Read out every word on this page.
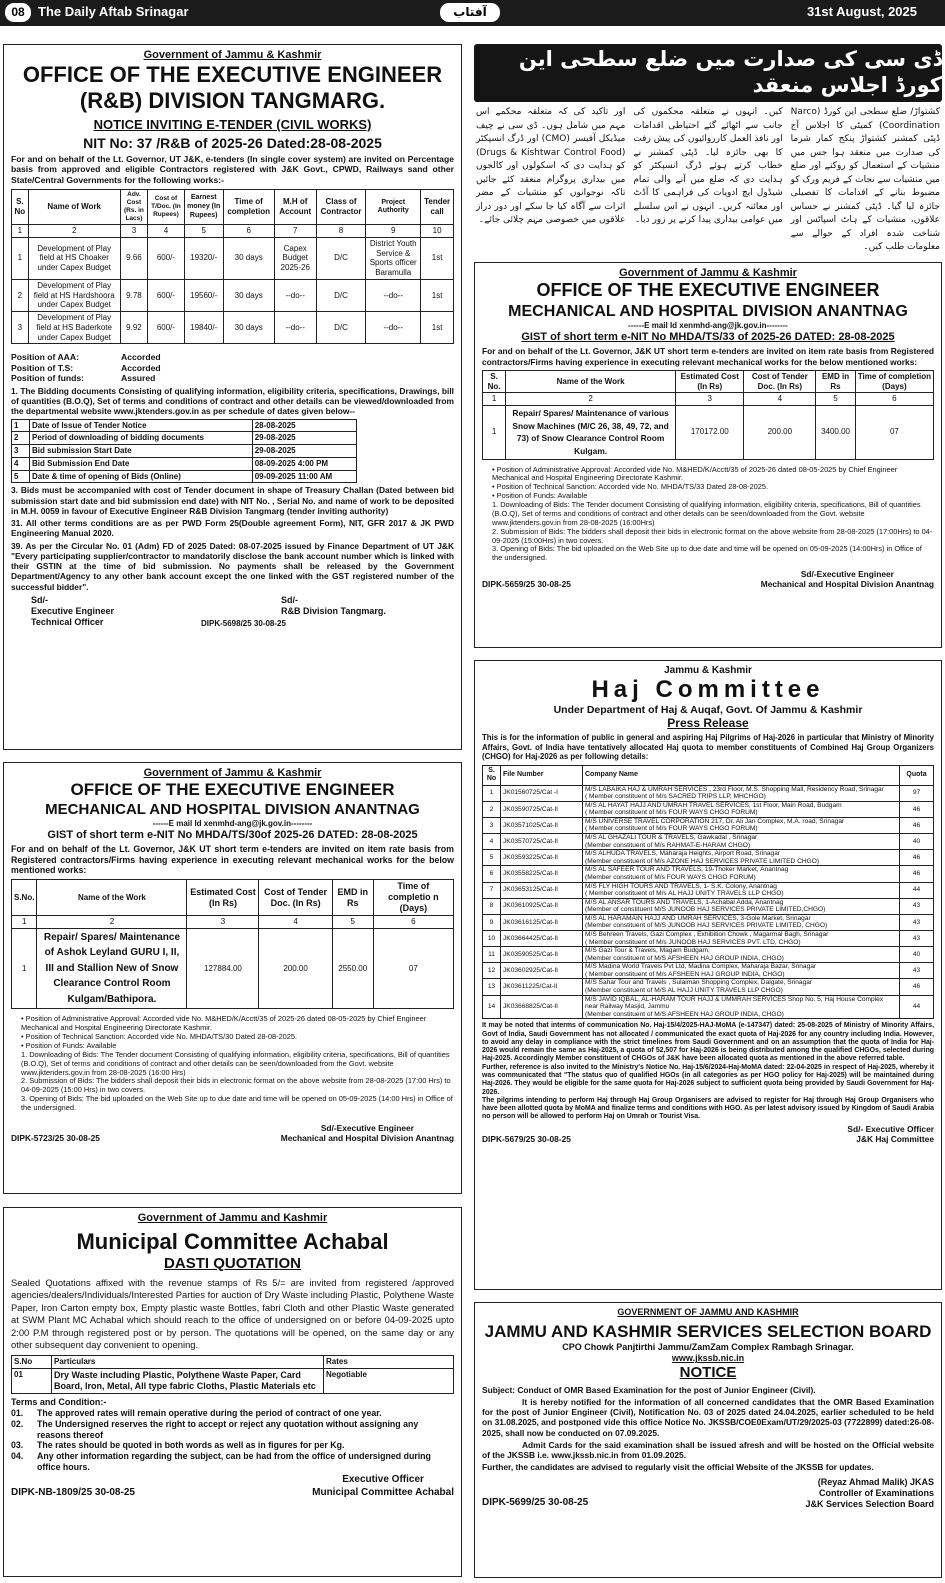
08	The Daily Aftab Srinagar	آفتاب	31st August, 2025
Government of Jammu & Kashmir
OFFICE OF THE EXECUTIVE ENGINEER
(R&B) DIVISION TANGMARG.
NOTICE INVITING E-TENDER (CIVIL WORKS)
NIT No: 37 /R&B of 2025-26 Dated:28-08-2025
For and on behalf of the Lt. Governor, UT J&K, e-tenders (In single cover system) are invited on Percentage basis from approved and eligible Contractors registered with J&K Govt., CPWD, Railways sand other State/Central Governments for the following works:-
S. No	Name of Work	Adv. Cost (Rs. in Lacs)	Cost of T/Doc. (In Rupees)	Earnest money (In Rupees)	Time of completion	M.H of Account	Class of Contractor	Project Authority	Tender call
1	2	3	4	5	6	7	8	9	10
1	Development of Play field at HS Choaker under Capex Budget	9.66	600/-	19320/-	30 days	Capex Budget 2025-26	D/C	District Youth Service & Sports officer Baramulla	1st
2	Development of Play field at HS Hardshoora under Capex Budget	9.78	600/-	19560/-	30 days	--do--	D/C	--do--	1st
3	Development of Play field at HS Baderkote under Capex Budget	9.92	600/-	19840/-	30 days	--do--	D/C	--do--	1st
Position of AAA:	Accorded
Position of T.S:	Accorded
Position of funds:	Assured
1. The Bidding documents Consisting of qualifying information, eligibility criteria, specifications, Drawings, bill of quantities (B.O.Q), Set of terms and conditions of contract and other details can be viewed/downloaded from the departmental website www.jktenders.gov.in as per schedule of dates given below--
1	Date of Issue of Tender Notice	28-08-2025
2	Period of downloading of bidding documents	29-08-2025
3	Bid submission Start Date	29-08-2025
4	Bid Submission End Date	08-09-2025 4:00 PM
5	Date & time of opening of Bids (Online)	09-09-2025 11:00 AM
3. Bids must be accompanied with cost of Tender document in shape of Treasury Challan (Dated between bid submission start date and bid submission end date) with NIT No. , Serial No. and name of work to be deposited in M.H. 0059 in favour of Executive Engineer R&B Division Tangmarg (tender inviting authority)
31. All other terms conditions are as per PWD Form 25(Double agreement Form), NIT, GFR 2017 & JK PWD Engineering Manual 2020.
39. As per the Circular No. 01 (Adm) FD of 2025 Dated: 08-07-2025 issued by Finance Department of UT J&K "Every participating supplier/contractor to mandatorily disclose the bank account number which is linked with their GSTIN at the time of bid submission. No payments shall be released by the Government Department/Agency to any other bank account except the one linked with the GST registered number of the successful bidder".
Sd/-
Executive Engineer
Technical Officer
Sd/-
R&B Division Tangmarg.
DIPK-5698/25 30-08-25
ڈی سی کی صدارت میں ضلع سطحی این کورڈ اجلاس منعقد
کشتواڑ/ ضلع سطحی این کورڈ (Narco Coordination) کمیٹی کا اجلاس آج ڈپٹی کمشنر کشتواڑ پنکج کمار شرما کی صدارت میں منعقد ہوا جس میں منشیات کے استعمال کو روکنے اور ضلع میں منشیات سے نجات کے فریم ورک کو مضبوط بنانے کے اقدامات کا تفصیلی جائزہ لیا گیا۔ ڈپٹی کمشنر نے حساس علاقوں، منشیات کے ہاٹ اسپاٹس اور شناخت شدہ افراد کے حوالے سے معلومات طلب کیں۔
کیں۔ انہوں نے متعلقہ محکموں کی جانب سے اٹھائے گئے احتیاطی اقدامات اور نافذ العمل کارروائیوں کی پیش رفت کا بھی جائزہ لیا۔ ڈپٹی کمشنر نے خطاب کرتے ہوئے ڈرگ انسپکٹر کو ہدایت دی کہ ضلع میں آنے والی تمام شیڈول ایچ ادویات کی فراہمی کا آڈٹ اور معائنہ کریں۔ انہوں نے اس سلسلے میں عوامی بیداری پیدا کرنے پر زور دیا۔
اور تاکید کی کہ متعلقہ محکمے اس مہم میں شامل ہوں۔ ڈی سی نے چیف میڈیکل آفیسر (CMO) اور ڈرگ انسپکٹر (Drugs & Kishtwar Control Food) کو ہدایت دی کہ اسکولوں اور کالجوں میں بیداری پروگرام منعقد کئے جائیں تاکہ نوجوانوں کو منشیات کے مضر اثرات سے آگاہ کیا جا سکے اور دور دراز علاقوں میں خصوصی مہم چلائی جائے۔
Government of Jammu & Kashmir
OFFICE OF THE EXECUTIVE ENGINEER
MECHANICAL AND HOSPITAL DIVISION ANANTNAG
------E mail Id xenmhd-ang@jk.gov.in--------
GIST of short term e-NIT No MHDA/TS/33 of 2025-26 DATED: 28-08-2025
For and on behalf of the Lt. Governor, J&K UT short term e-tenders are invited on item rate basis from Registered contractors/Firms having experience in executing relevant mechanical works for the below mentioned works:
S. No.	Name of the Work	Estimated Cost (In Rs)	Cost of Tender Doc. (In Rs)	EMD in Rs	Time of completion (Days)
1	2	3	4	5	6
1	Repair/ Spares/ Maintenance of various Snow Machines (M/C 26, 38, 49, 72, and 73) of Snow Clearance Control Room Kulgam.	170172.00	200.00	3400.00	07
• Position of Administrative Approval: Accorded vide No. M&HED/K/Acctt/35 of 2025-26 dated 08-05-2025 by Chief Engineer Mechanical and Hospital Engineering Directorate Kashmir.
• Position of Technical Sanction: Accorded vide No. MHDA/TS/33 Dated 28-08-2025.
• Position of Funds: Available
1. Downloading of Bids: The Tender document Consisting of qualifying information, eligibility criteria, specifications, Bill of quantities (B.O.Q), Set of terms and conditions of contract and other details can be seen/downloaded from the Govt. website www.jktenders.gov.in from 28-08-2025 (16:00Hrs)
2. Submission of Bids: The bidders shall deposit their bids in electronic format on the above website from 28-08-2025 (17:00Hrs) to 04-09-2025 (15:00Hrs) in two covers.
3. Opening of Bids: The bid uploaded on the Web Site up to due date and time will be opened on 05-09-2025 (14:00Hrs) in Office of the undersigned.
DIPK-5659/25 30-08-25
Sd/-Executive Engineer
Mechanical and Hospital Division Anantnag
Government of Jammu & Kashmir
OFFICE OF THE EXECUTIVE ENGINEER
MECHANICAL AND HOSPITAL DIVISION ANANTNAG
------E mail Id xenmhd-ang@jk.gov.in--------
GIST of short term e-NIT No MHDA/TS/30of 2025-26 DATED: 28-08-2025
For and on behalf of the Lt. Governor, J&K UT short term e-tenders are invited on item rate basis from Registered contractors/Firms having experience in executing relevant mechanical works for the below mentioned works:
S.No.	Name of the Work	Estimated Cost (In Rs)	Cost of Tender Doc. (In Rs)	EMD in Rs	Time of completio n (Days)
1	2	3	4	5	6
1	Repair/ Spares/ Maintenance of Ashok Leyland GURU I, II, III and Stallion New of Snow Clearance Control Room Kulgam/Bathipora.	127884.00	200.00	2550.00	07
• Position of Administrative Approval: Accorded vide No. M&HED/K/Acctt/35 of 2025-26 dated 08-05-2025 by Chief Engineer Mechanical and Hospital Engineering Directorate Kashmir.
• Position of Technical Sanction: Accorded vide No. MHDA/TS/30 Dated 28-08-2025.
• Position of Funds: Available
1. Downloading of Bids: The Tender document Consisting of qualifying information, eligibility criteria, specifications, Bill of quantities (B.O.Q), Set of terms and conditions of contract and other details can be seen/downloaded from the Govt. website www.jktenders.gov.in from 28-08-2025 (16:00 Hrs)
2. Submission of Bids: The bidders shall deposit their bids in electronic format on the above website from 28-08-2025 (17:00 Hrs) to 04-09-2025 (15:00 Hrs) in two covers.
3. Opening of Bids: The bid uploaded on the Web Site up to due date and time will be opened on 05-09-2025 (14:00 Hrs) in Office of the undersigned.
DIPK-5723/25 30-08-25
Sd/-Executive Engineer
Mechanical and Hospital Division Anantnag
Government of Jammu and Kashmir
Municipal Committee Achabal
DASTI QUOTATION
Sealed Quotations affixed with the revenue stamps of Rs 5/= are invited from registered /approved agencies/dealers/Individuals/Interested Parties for auction of Dry Waste including Plastic, Polythene Waste Paper, Iron Carton empty box, Empty plastic waste Bottles, fabri Cloth and other Plastic Waste generated at SWM Plant MC Achabal which should reach to the office of undersigned on or before 04-09-2025 upto 2:00 P.M through registered post or by person. The quotations will be opened, on the same day or any other subsequent day convenient to opening.
S.No	Particulars	Rates
01	Dry Waste including Plastic, Polythene Waste Paper, Card Board, Iron, Metal, All type fabric Cloths, Plastic Materials etc	Negotiable
Terms and Condition:-
01.	The approved rates will remain operative during the period of contract of one year.
02.	The Undersigned reserves the right to accept or reject any quotation without assigning any reasons thereof
03.	The rates should be quoted in both words as well as in figures for per Kg.
04.	Any other information regarding the subject, can be had from the office of undersigned during office hours.
DIPK-NB-1809/25 30-08-25
Executive Officer
Municipal Committee Achabal
Jammu & Kashmir
Haj Committee
Under Department of Haj & Auqaf, Govt. Of Jammu & Kashmir
Press Release
This is for the information of public in general and aspiring Haj Pilgrims of Haj-2026 in particular that Ministry of Minority Affairs, Govt. of India have tentatively allocated Haj quota to member constituents of Combined Haj Group Organizers (CHGO) for Haj-2026 as per following details:
S. No	File Number	Company Name	Quota
1	JK01560725/Cat -I	M/S LABAIKA HAJ & UMRAH SERVICES , 23rd Floor, M.S. Shopping Mall, Residency Road, Srinagar
( Member constituent of M/s SACRED TRIPS LLP, MHCHGO)	97
2	JK03590725/Cat-II	M/S AL HAYAT HAJJ AND UMRAH TRAVEL SERVICES, 1st Floor, Main Road, Budgam
( Member constituent of M/s FOUR WAYS CHGO FORUM)	46
3	JK03571025/Cat-II	M/S UNIVERSE TRAVEL CORPORATION 217, Dr. Ali Jan Complex, M.A. road, Srinagar
( Member constituent of M/s FOUR WAYS CHGO FORUM)	46
4	JK03570725/Cat-II	M/S AL GHAZALI TOUR & TRAVELS, Gawkadal , Srinagar
(Member constituent of M/s RAHMAT-E-HARAM CHGO)	40
5	JK03593225/Cat-II	M/S ALHUDA TRAVELS, Maharaja Heights, Airport Road, Srinagar
(Member constituent of M/s AZONE HAJ SERVICES PRIVATE LIMITED CHGO)	46
6	JK03558225/Cat-II	M/S AL SAFEER TOUR AND TRAVELS, 19-Thoker Market, Anantnag
(Member constituent of M/s FOUR WAYS CHGO FORUM)	46
7	JK03653125/Cat-II	M/S FLY HIGH TOURS AND TRAVELS, 1- S.K. Colony, Anantnag
( Member constituent of M/s AL HAJJ UNITY TRAVELS LLP CHGO)	44
8	JK03610925/Cat-II	M/S AL ANSAR TOURS AND TRAVELS, 1-Achabal Adda, Anantnag
(Member of constituent M/S JUNOOB HAJ SERVICES PRIVATE LIMITED,CHGO)	43
9	JK03616125/Cat-II	M/S AL HARAMAIN HAJJ AND UMRAH SERVICES, 3-Gole Market, Srinagar
(Member constituent of M/S JUNOOB HAJ SERVICES PRIVATE LIMITED, CHGO)	43
10	JK03664425/Cat-II	M/S Behreen Travels, Gazi Complex , Exhibition Chowk , Magarmal Bagh, Srinagar
( Member constituent of M/s JUNOOB HAJ SERVICES PVT. LTD, CHGO)	43
11	JK03590525/Cat-II	M/S Gazi Tour & Travels, Magam Budgam,
(Member constituent of M/S AFSHEEN HAJ GROUP INDIA, CHGO)	40
12	JK03602925/Cat-II	M/S Madina World Travels Pvt Ltd, Madina Complex, Maharaja Bazar, Srinagar
( Member constituent of M/s AFSHEEN HAJ GROUP INDIA, CHGO)	43
13	JK03611225/Cat-II	M/S Sahar Tour and Travels , Sulaiman Shopping Complex, Dalgate, Srinagar
(Member constituent of M/S AL HAJJ UNITY TRAVELS LLP CHGO)	46
14	JK03668825/Cat-II	M/S JAVID IQBAL, AL-HARAM TOUR HAJJ & UMMRAH SERVICES Shop No. 5, Haj House Complex near Railway Masjid, Jammu
(Member constituent of M/S AFSHEEN HAJ GROUP INDIA, CHGO)	44
It may be noted that interms of communication No. Haj-15/4/2025-HAJ-MoMA (e-147347) dated: 25-08-2025 of Ministry of Minority Affairs, Govt of India, Saudi Government has not allocated / communicated the exact quota of Haj-2026 for any country including India. However, to avoid any delay in compliance with the strict timelines from Saudi Government and on an assumption that the quota of India for Haj-2026 would remain the same as Haj-2025, a quota of 52,507 for Haj-2026 is being distributed among the qualified CHGOs, selected during Haj-2025. Accordingly Member constituent of CHGOs of J&K have been allocated quota as mentioned in the above referred table.
Further, reference is also invited to the Ministry's Notice No. Haj-15/6/2024-Haj-MoMA dated: 22-04-2025 in respect of Haj-2025, whereby it was communicated that "The status quo of qualified HGOs (in all categories as per HGO policy for Haj-2025) will be maintained during Haj-2026. They would be eligible for the same quota for Haj-2026 subject to sufficient quota being provided by Saudi Government for Haj-2026.
The pilgrims intending to perform Haj through Haj Group Organisers are advised to register for Haj through Haj Group Organisers who have been allotted quota by MoMA and finalize terms and conditions with HGO. As per latest advisory issued by Kingdom of Saudi Arabia no person will be allowed to perform Haj on Umrah or Tourist Visa.
DIPK-5679/25 30-08-25
Sd/- Executive Officer
J&K Haj Committee
GOVERNMENT OF JAMMU AND KASHMIR
JAMMU AND KASHMIR SERVICES SELECTION BOARD
CPO Chowk Panjtirthi Jammu/ZamZam Complex Rambagh Srinagar.
www.jkssb.nic.in
NOTICE
Subject: Conduct of OMR Based Examination for the post of Junior Engineer (Civil).
It is hereby notified for the information of all concerned candidates that the OMR Based Examination for the post of Junior Engineer (Civil), Notification No. 03 of 2025 dated 24.04.2025, earlier scheduled to be held on 31.08.2025, and postponed vide this office Notice No. JKSSB/COE0Exam/UT/29/2025-03 (7722899) dated:26-08-2025, shall now be conducted on 07.09.2025.
Admit Cards for the said examination shall be issued afresh and will be hosted on the Official website of the JKSSB i.e. www.jkssb.nic.in from 01.09.2025.
Further, the candidates are advised to regularly visit the official Website of the JKSSB for updates.
DIPK-5699/25 30-08-25
(Reyaz Ahmad Malik) JKAS
Controller of Examinations
J&K Services Selection Board
